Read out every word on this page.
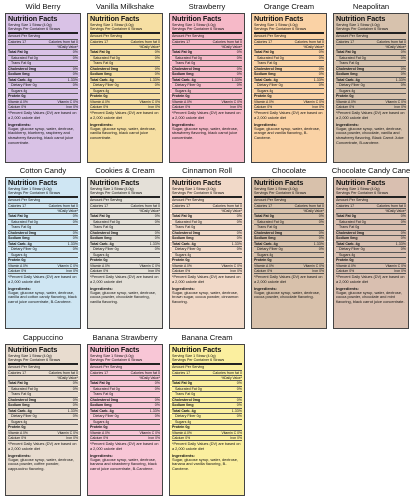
Wild Berry
Nutrition Facts
Serving Size 1 Straw (4.0g)
Servings Per Container 6 Straws
Amount Per Serving
Calories 17	Calories from fat 0
%Daily Value*
Total Fat 0g	0%
Saturated Fat 0g	0%
Trans Fat 0g
Cholesterol 0mg	0%
Sodium 0mg	0%
Total Carb. 4g	1.33%
Dietary Fiber 0g	0%
Sugars 4g
Protein 0g
Vitamin A 0%	Vitamin C 0%
Calcium 0%	Iron 0%
*Percent Daily Values (DV) are based on a 2,000 calorie diet
Ingredients:
Sugar, glucose syrup, water, dextrose, blackberry, blueberry, raspberry and strawberry flavoring, black carrot juice concentrate.
Vanilla Milkshake
Nutrition Facts
Serving Size 1 Straw (4.0g)
Servings Per Container 6 Straws
Amount Per Serving
Calories 17	Calories from fat 0
%Daily Value*
Total Fat 0g	0%
Saturated Fat 0g	0%
Trans Fat 0g
Cholesterol 0mg	0%
Sodium 0mg	0%
Total Carb. 4g	1.33%
Dietary Fiber 0g	0%
Sugars 4g
Protein 0g
Vitamin A 0%	Vitamin C 0%
Calcium 0%	Iron 0%
*Percent Daily Values (DV) are based on a 2,000 calorie diet
Ingredients:
Sugar, glucose syrup, water, dextrose, vanilla flavoring, black carrot juice concentrate.
Strawberry
Nutrition Facts
Serving Size 1 Straw (4.0g)
Servings Per Container 6 Straws
Amount Per Serving
Calories 17	Calories from fat 0
%Daily Value*
Total Fat 0g	0%
Saturated Fat 0g	0%
Trans Fat 0g
Cholesterol 0mg	0%
Sodium 0mg	0%
Total Carb. 4g	1.33%
Dietary Fiber 0g	0%
Sugars 4g
Protein 0g
Vitamin A 0%	Vitamin C 0%
Calcium 0%	Iron 0%
*Percent Daily Values (DV) are based on a 2,000 calorie diet
Ingredients:
Sugar, glucose syrup, water, dextrose, strawberry flavoring, black carrot juice concentrate.
Orange Cream
Nutrition Facts
Serving Size 1 Straw (4.0g)
Servings Per Container 6 Straws
Amount Per Serving
Calories 17	Calories from fat 0
%Daily Value*
Total Fat 0g	0%
Saturated Fat 0g	0%
Trans Fat 0g
Cholesterol 0mg	0%
Sodium 0mg	0%
Total Carb. 4g	1.33%
Dietary Fiber 0g	0%
Sugars 4g
Protein 0g
Vitamin A 0%	Vitamin C 0%
Calcium 0%	Iron 0%
*Percent Daily Values (DV) are based on a 2,000 calorie diet
Ingredients:
Sugar, glucose syrup, water, dextrose, orange and vanilla flavoring, B-Carotene.
Neapolitan
Nutrition Facts
Serving Size 1 Straw (4.0g)
Servings Per Container 6 Straws
Amount Per Serving
Calories 17	Calories from fat 0
%Daily Value*
Total Fat 0g	0%
Saturated Fat 0g	0%
Trans Fat 0g
Cholesterol 0mg	0%
Sodium 0mg	0%
Total Carb. 4g	1.33%
Dietary Fiber 0g	0%
Sugars 4g
Protein 0g
Vitamin A 0%	Vitamin C 0%
Calcium 0%	Iron 0%
*Percent Daily Values (DV) are based on a 2,000 calorie diet
Ingredients:
Sugar, glucose syrup, water, dextrose, cocoa powder, chocolate, vanilla and strawberry flavoring, Black Carrot Juice Concentrate, B-carotene.
Cotton Candy
Nutrition Facts
Serving Size 1 Straw (4.0g)
Servings Per Container 6 Straws
Amount Per Serving
Calories 17	Calories from fat 0
%Daily Value*
Total Fat 0g	0%
Saturated Fat 0g	0%
Trans Fat 0g
Cholesterol 0mg	0%
Sodium 0mg	0%
Total Carb. 4g	1.33%
Dietary Fiber 0g	0%
Sugars 4g
Protein 0g
Vitamin A 0%	Vitamin C 0%
Calcium 0%	Iron 0%
*Percent Daily Values (DV) are based on a 2,000 calorie diet
Ingredients:
Sugar, glucose syrup, water, dextrose, vanilla and cotton candy flavoring, black carrot juice concentrate, B-Carotene.
Cookies & Cream
Nutrition Facts
Serving Size 1 Straw (4.0g)
Servings Per Container 6 Straws
Amount Per Serving
Calories 17	Calories from fat 0
%Daily Value*
Total Fat 0g	0%
Saturated Fat 0g	0%
Trans Fat 0g
Cholesterol 0mg	0%
Sodium 0mg	0%
Total Carb. 4g	1.33%
Dietary Fiber 0g	0%
Sugars 4g
Protein 0g
Vitamin A 0%	Vitamin C 0%
Calcium 0%	Iron 0%
*Percent Daily Values (DV) are based on a 2,000 calorie diet
Ingredients:
Sugar, glucose syrup, water, dextrose, cocoa powder, chocolate flavoring, vanilla flavoring.
Cinnamon Roll
Nutrition Facts
Serving Size 1 Straw (4.0g)
Servings Per Container 6 Straws
Amount Per Serving
Calories 17	Calories from fat 0
%Daily Value*
Total Fat 0g	0%
Saturated Fat 0g	0%
Trans Fat 0g
Cholesterol 0mg	0%
Sodium 0mg	0%
Total Carb. 4g	1.33%
Dietary Fiber 0g	0%
Sugars 4g
Protein 0g
Vitamin A 0%	Vitamin C 0%
Calcium 0%	Iron 0%
*Percent Daily Values (DV) are based on a 2,000 calorie diet
Ingredients:
Sugar, glucose syrup, water, dextrose, brown sugar, cocoa powder, cinnamon flavoring.
Chocolate
Nutrition Facts
Serving Size 1 Straw (4.0g)
Servings Per Container 6 Straws
Amount Per Serving
Calories 17	Calories from fat 0
%Daily Value*
Total Fat 0g	0%
Saturated Fat 0g	0%
Trans Fat 0g
Cholesterol 0mg	0%
Sodium 0mg	0%
Total Carb. 4g	1.33%
Dietary Fiber 0g	0%
Sugars 4g
Protein 0g
Vitamin A 0%	Vitamin C 0%
Calcium 0%	Iron 0%
*Percent Daily Values (DV) are based on a 2,000 calorie diet
Ingredients:
Sugar, glucose syrup, water, dextrose, cocoa powder, chocolate flavoring.
Chocolate Candy Cane
Nutrition Facts
Serving Size 1 Straw (4.0g)
Servings Per Container 6 Straws
Amount Per Serving
Calories 17	Calories from fat 0
%Daily Value*
Total Fat 0g	0%
Saturated Fat 0g	0%
Trans Fat 0g
Cholesterol 0mg	0%
Sodium 0mg	0%
Total Carb. 4g	1.33%
Dietary Fiber 0g	0%
Sugars 4g
Protein 0g
Vitamin A 0%	Vitamin C 0%
Calcium 0%	Iron 0%
*Percent Daily Values (DV) are based on a 2,000 calorie diet
Ingredients:
Sugar, glucose syrup, water, dextrose, cocoa powder, chocolate and mint flavoring, black carrot juice concentrate.
Cappuccino
Nutrition Facts
Serving Size 1 Straw (4.0g)
Servings Per Container 6 Straws
Amount Per Serving
Calories 17	Calories from fat 0
%Daily Value*
Total Fat 0g	0%
Saturated Fat 0g	0%
Trans Fat 0g
Cholesterol 0mg	0%
Sodium 0mg	0%
Total Carb. 4g	1.33%
Dietary Fiber 0g	0%
Sugars 4g
Protein 0g
Vitamin A 0%	Vitamin C 0%
Calcium 0%	Iron 0%
*Percent Daily Values (DV) are based on a 2,000 calorie diet
Ingredients:
Sugar, glucose syrup, water, dextrose, cocoa powder, coffee powder, cappuccino flavoring.
Banana Strawberry
Nutrition Facts
Serving Size 1 Straw (4.0g)
Servings Per Container 6 Straws
Amount Per Serving
Calories 17	Calories from fat 0
%Daily Value*
Total Fat 0g	0%
Saturated Fat 0g	0%
Trans Fat 0g
Cholesterol 0mg	0%
Sodium 0mg	0%
Total Carb. 4g	1.33%
Dietary Fiber 0g	0%
Sugars 4g
Protein 0g
Vitamin A 0%	Vitamin C 0%
Calcium 0%	Iron 0%
*Percent Daily Values (DV) are based on a 2,000 calorie diet
Ingredients:
Sugar, glucose syrup, water, dextrose, banana and strawberry flavoring, black carrot juice concentrate, B-Carotene.
Banana Cream
Nutrition Facts
Serving Size 1 Straw (4.0g)
Servings Per Container 6 Straws
Amount Per Serving
Calories 17	Calories from fat 0
%Daily Value*
Total Fat 0g	0%
Saturated Fat 0g	0%
Trans Fat 0g
Cholesterol 0mg	0%
Sodium 0mg	0%
Total Carb. 4g	1.33%
Dietary Fiber 0g	0%
Sugars 4g
Protein 0g
Vitamin A 0%	Vitamin C 0%
Calcium 0%	Iron 0%
*Percent Daily Values (DV) are based on a 2,000 calorie diet
Ingredients:
Sugar, glucose syrup, water, dextrose, banana and vanilla flavoring, B-Carotene.
